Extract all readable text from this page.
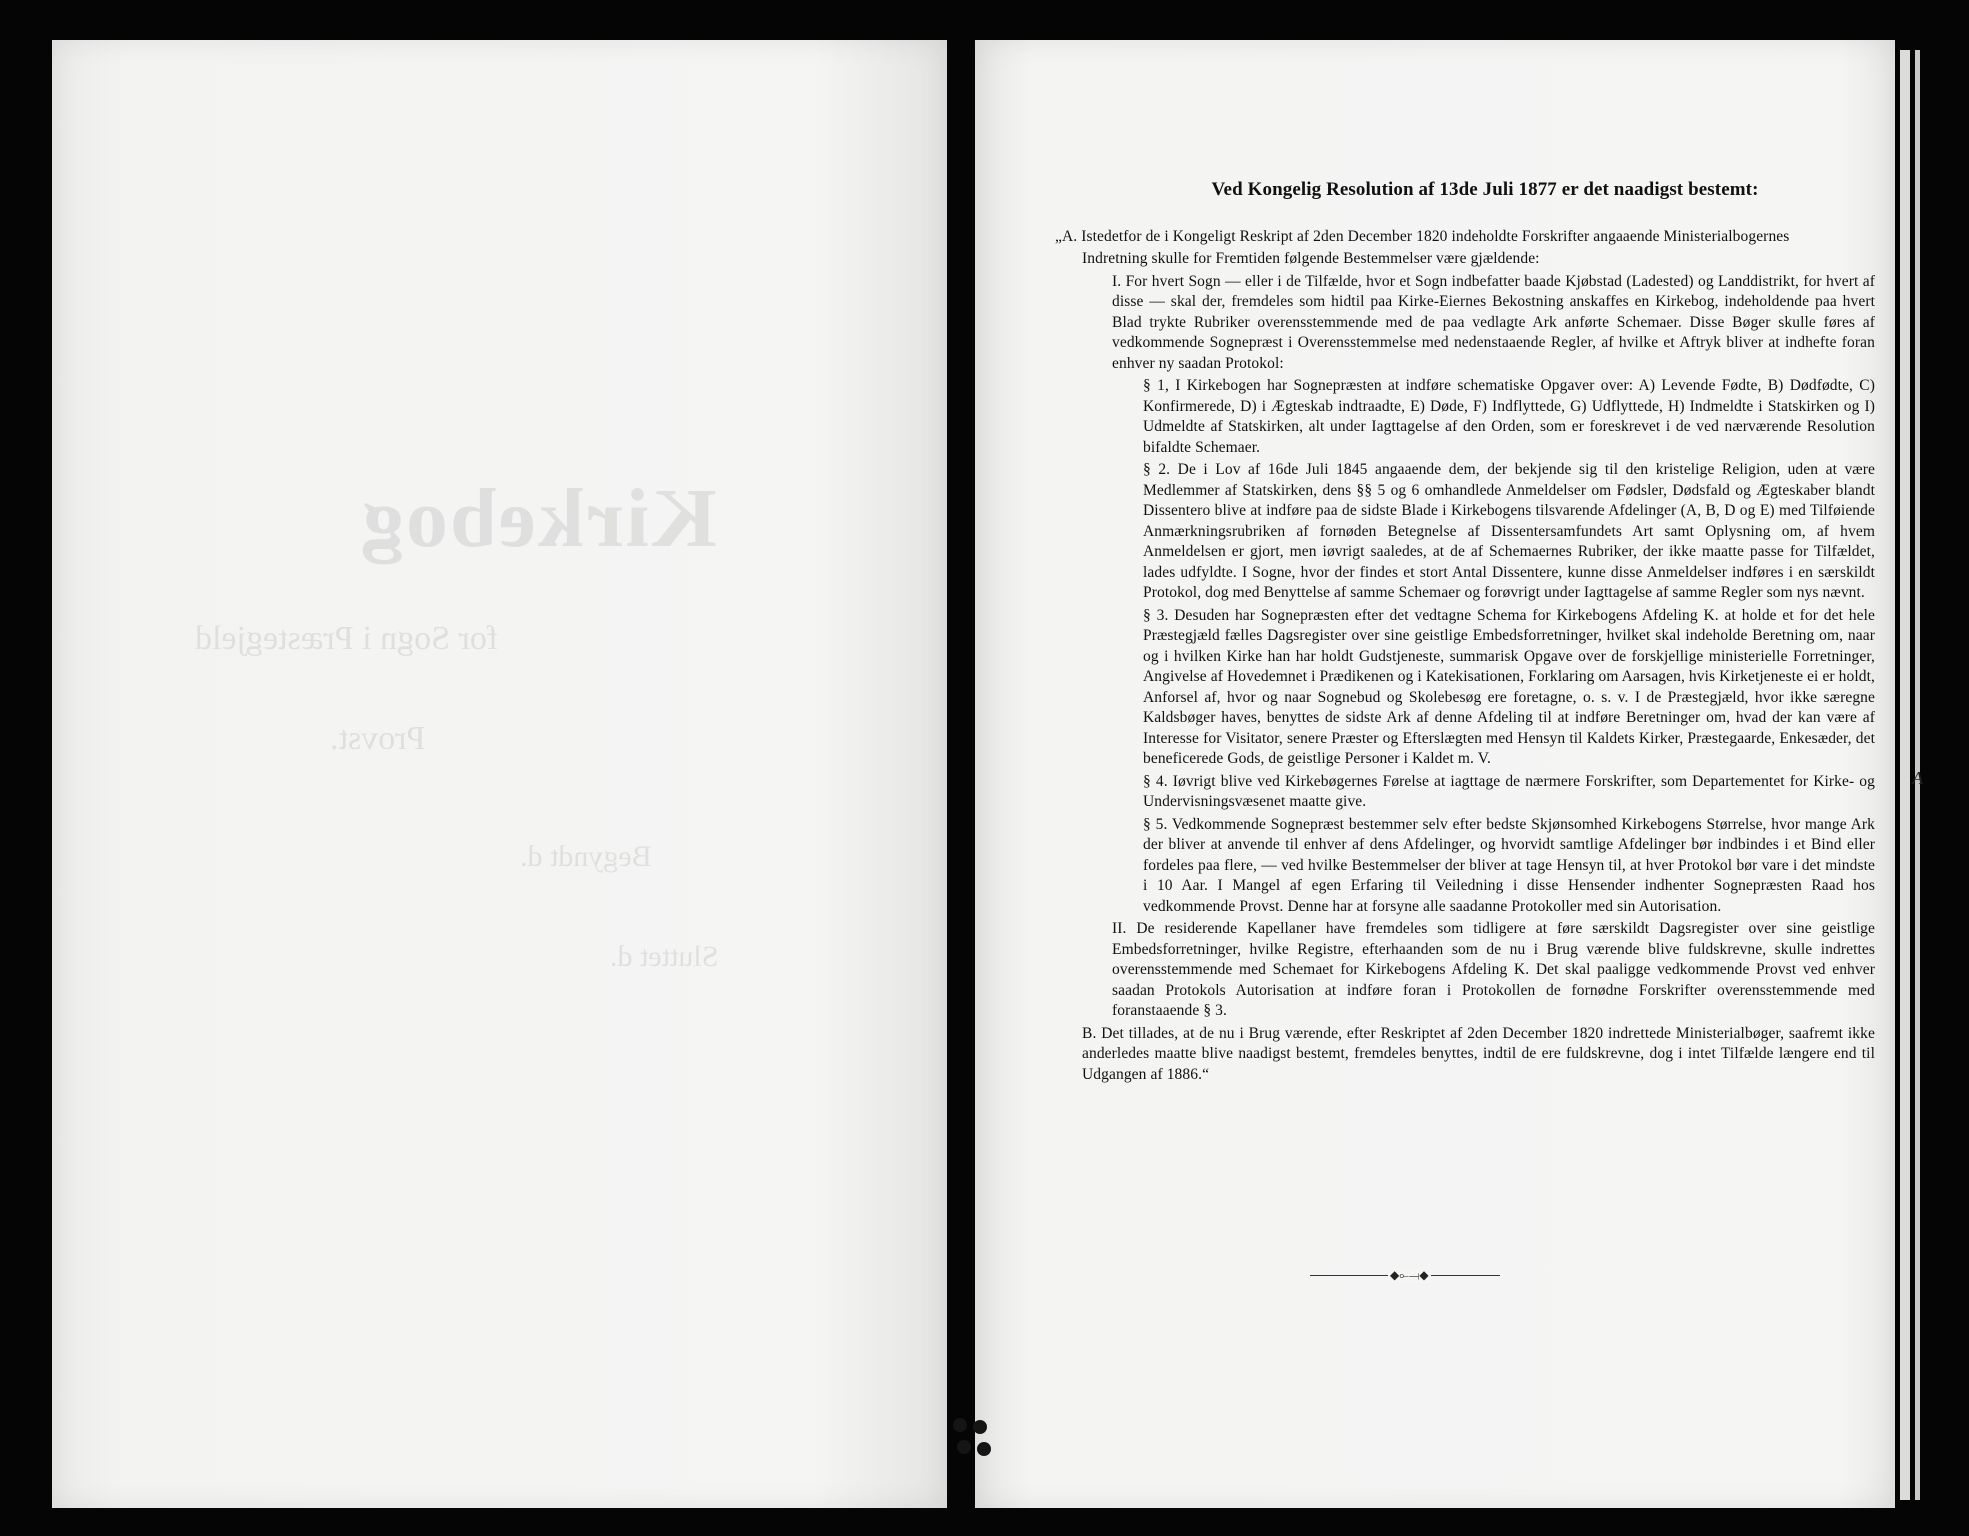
Kirkebog
for Sogn i Præstegjeld
Provst.
Begyndt d.
Sluttet d.
A
Ved Kongelig Resolution af 13de Juli 1877 er det naadigst bestemt:

„A. Istedetfor de i Kongeligt Reskript af 2den December 1820 indeholdte Forskrifter angaaende Ministerialbogernes

Indretning skulle for Fremtiden følgende Bestemmelser være gjældende:

I. For hvert Sogn — eller i de Tilfælde, hvor et Sogn indbefatter baade Kjøbstad (Ladested) og Landdistrikt, for hvert af disse — skal der, fremdeles som hidtil paa Kirke-Eiernes Bekostning anskaffes en Kirkebog, indeholdende paa hvert Blad trykte Rubriker overensstemmende med de paa vedlagte Ark anførte Schemaer. Disse Bøger skulle føres af vedkommende Sognepræst i Overensstemmelse med nedenstaaende Regler, af hvilke et Aftryk bliver at indhefte foran enhver ny saadan Protokol:

§ 1, I Kirkebogen har Sognepræsten at indføre schematiske Opgaver over: A) Levende Fødte, B) Dødfødte, C) Konfirmerede, D) i Ægteskab indtraadte, E) Døde, F) Indflyttede, G) Udflyttede, H) Indmeldte i Statskirken og I) Udmeldte af Statskirken, alt under Iagttagelse af den Orden, som er foreskrevet i de ved nærværende Resolution bifaldte Schemaer.

§ 2. De i Lov af 16de Juli 1845 angaaende dem, der bekjende sig til den kristelige Religion, uden at være Medlemmer af Statskirken, dens §§ 5 og 6 omhandlede Anmeldelser om Fødsler, Dødsfald og Ægteskaber blandt Dissentero blive at indføre paa de sidste Blade i Kirkebogens tilsvarende Afdelinger (A, B, D og E) med Tilføiende Anmærkningsrubriken af fornøden Betegnelse af Dissentersamfundets Art samt Oplysning om, af hvem Anmeldelsen er gjort, men iøvrigt saaledes, at de af Schemaernes Rubriker, der ikke maatte passe for Tilfældet, lades udfyldte. I Sogne, hvor der findes et stort Antal Dissentere, kunne disse Anmeldelser indføres i en særskildt Protokol, dog med Benyttelse af samme Schemaer og forøvrigt under Iagttagelse af samme Regler som nys nævnt.

§ 3. Desuden har Sognepræsten efter det vedtagne Schema for Kirkebogens Afdeling K. at holde et for det hele Præstegjæld fælles Dagsregister over sine geistlige Embedsforretninger, hvilket skal indeholde Beretning om, naar og i hvilken Kirke han har holdt Gudstjeneste, summarisk Opgave over de forskjellige ministerielle Forretninger, Angivelse af Hovedemnet i Prædikenen og i Katekisationen, Forklaring om Aarsagen, hvis Kirketjeneste ei er holdt, Anforsel af, hvor og naar Sognebud og Skolebesøg ere foretagne, o. s. v. I de Præstegjæld, hvor ikke særegne Kaldsbøger haves, benyttes de sidste Ark af denne Afdeling til at indføre Beretninger om, hvad der kan være af Interesse for Visitator, senere Præster og Efterslægten med Hensyn til Kaldets Kirker, Præstegaarde, Enkesæder, det beneficerede Gods, de geistlige Personer i Kaldet m. V.

§ 4. Iøvrigt blive ved Kirkebøgernes Førelse at iagttage de nærmere Forskrifter, som Departementet for Kirke- og Undervisningsvæsenet maatte give.

§ 5. Vedkommende Sognepræst bestemmer selv efter bedste Skjønsomhed Kirkebogens Størrelse, hvor mange Ark der bliver at anvende til enhver af dens Afdelinger, og hvorvidt samtlige Afdelinger bør indbindes i et Bind eller fordeles paa flere, — ved hvilke Bestemmelser der bliver at tage Hensyn til, at hver Protokol bør vare i det mindste i 10 Aar. I Mangel af egen Erfaring til Veiledning i disse Hensender indhenter Sognepræsten Raad hos vedkommende Provst. Denne har at forsyne alle saadanne Protokoller med sin Autorisation.

II. De residerende Kapellaner have fremdeles som tidligere at føre særskildt Dagsregister over sine geistlige Embedsforretninger, hvilke Registre, efterhaanden som de nu i Brug værende blive fuldskrevne, skulle indrettes overensstemmende med Schemaet for Kirkebogens Afdeling K. Det skal paaligge vedkommende Provst ved enhver saadan Protokols Autorisation at indføre foran i Protokollen de fornødne Forskrifter overensstemmende med foranstaaende § 3.

B. Det tillades, at de nu i Brug værende, efter Reskriptet af 2den December 1820 indrettede Ministerialbøger, saafremt ikke anderledes maatte blive naadigst bestemt, fremdeles benyttes, indtil de ere fuldskrevne, dog i intet Tilfælde længere end til Udgangen af 1886.“

◆⟜⟞◆
